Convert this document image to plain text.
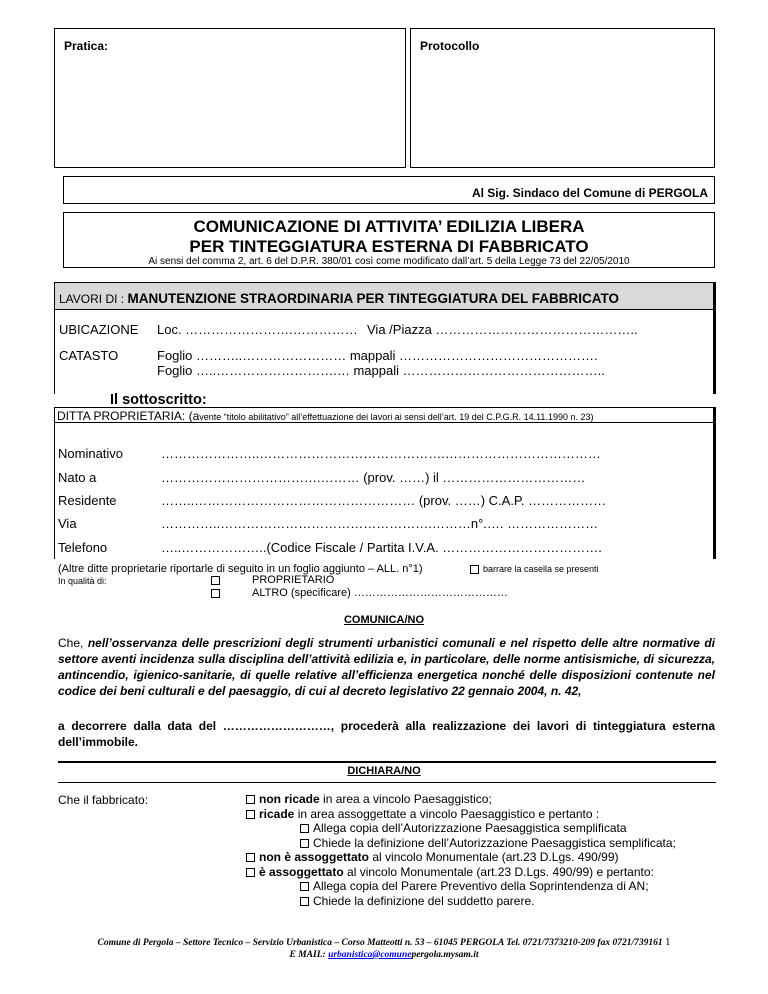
Pratica:	Protocollo
Al Sig. Sindaco del Comune di PERGOLA
COMUNICAZIONE DI ATTIVITA’ EDILIZIA LIBERA
PER TINTEGGIATURA ESTERNA DI FABBRICATO
Ai sensi del comma 2, art. 6 del D.P.R. 380/01 così come modificato dall’art. 5 della Legge 73 del 22/05/2010
LAVORI DI : MANUTENZIONE STRAORDINARIA PER TINTEGGIATURA DEL FABBRICATO
UBICAZIONE Loc. …………………….…………… Via /Piazza ………………………………………..
CATASTO	Foglio ………..…………………… mappali ……………………………………….
Foglio …..……………………….… mappali ………………………………………..
Il sottoscritto:
DITTA PROPRIETARIA: (avente “titolo abilitativo” all’effettuazione dei lavori ai sensi dell’art. 19 del C.P.G.R. 14.11.1990 n. 23)
Nominativo	…………………..…………………………………….………………………………
Nato a	……………………………….……… (prov. ……) il ……………………………
Residente	……..…………………………………………… (prov. ……) C.A.P. ………………
Via	…………..………………………………………….………n°.…. …………………
Telefono	…..………………..(Codice Fiscale / Partita I.V.A. ……………………………….
(Altre ditte proprietarie riportarle di seguito in un foglio aggiunto – ALL. n°1)	barrare la casella se presenti
In qualità di:	PROPRIETARIO
ALTRO (specificare) ……………………………………
COMUNICA/NO
Che, nell’osservanza delle prescrizioni degli strumenti urbanistici comunali e nel rispetto delle altre normative di settore aventi incidenza sulla disciplina dell’attività edilizia e, in particolare, delle norme antisismiche, di sicurezza, antincendio, igienico-sanitarie, di quelle relative all’efficienza energetica nonché delle disposizioni contenute nel codice dei beni culturali e del paesaggio, di cui al decreto legislativo 22 gennaio 2004, n. 42,
a decorrere dalla data del ………………………, procederà alla realizzazione dei lavori di tinteggiatura esterna dell’immobile.
DICHIARA/NO
Che il fabbricato:	non ricade in area a vincolo Paesaggistico;
ricade in area assoggettate a vincolo Paesaggistico e pertanto :
Allega copia dell’Autorizzazione Paesaggistica semplificata
Chiede la definizione dell’Autorizzazione Paesaggistica semplificata;
non è assoggettato al vincolo Monumentale (art.23 D.Lgs. 490/99)
è assoggettato al vincolo Monumentale (art.23 D.Lgs. 490/99) e pertanto:
Allega copia del Parere Preventivo della Soprintendenza di AN;
Chiede la definizione del suddetto parere.
Comune di Pergola – Settore Tecnico – Servizio Urbanistica – Corso Matteotti n. 53 – 61045 PERGOLA Tel. 0721/7373210-209 fax 0721/739161 1
E MAIL: urbanistica@comunepergola.mysam.it
